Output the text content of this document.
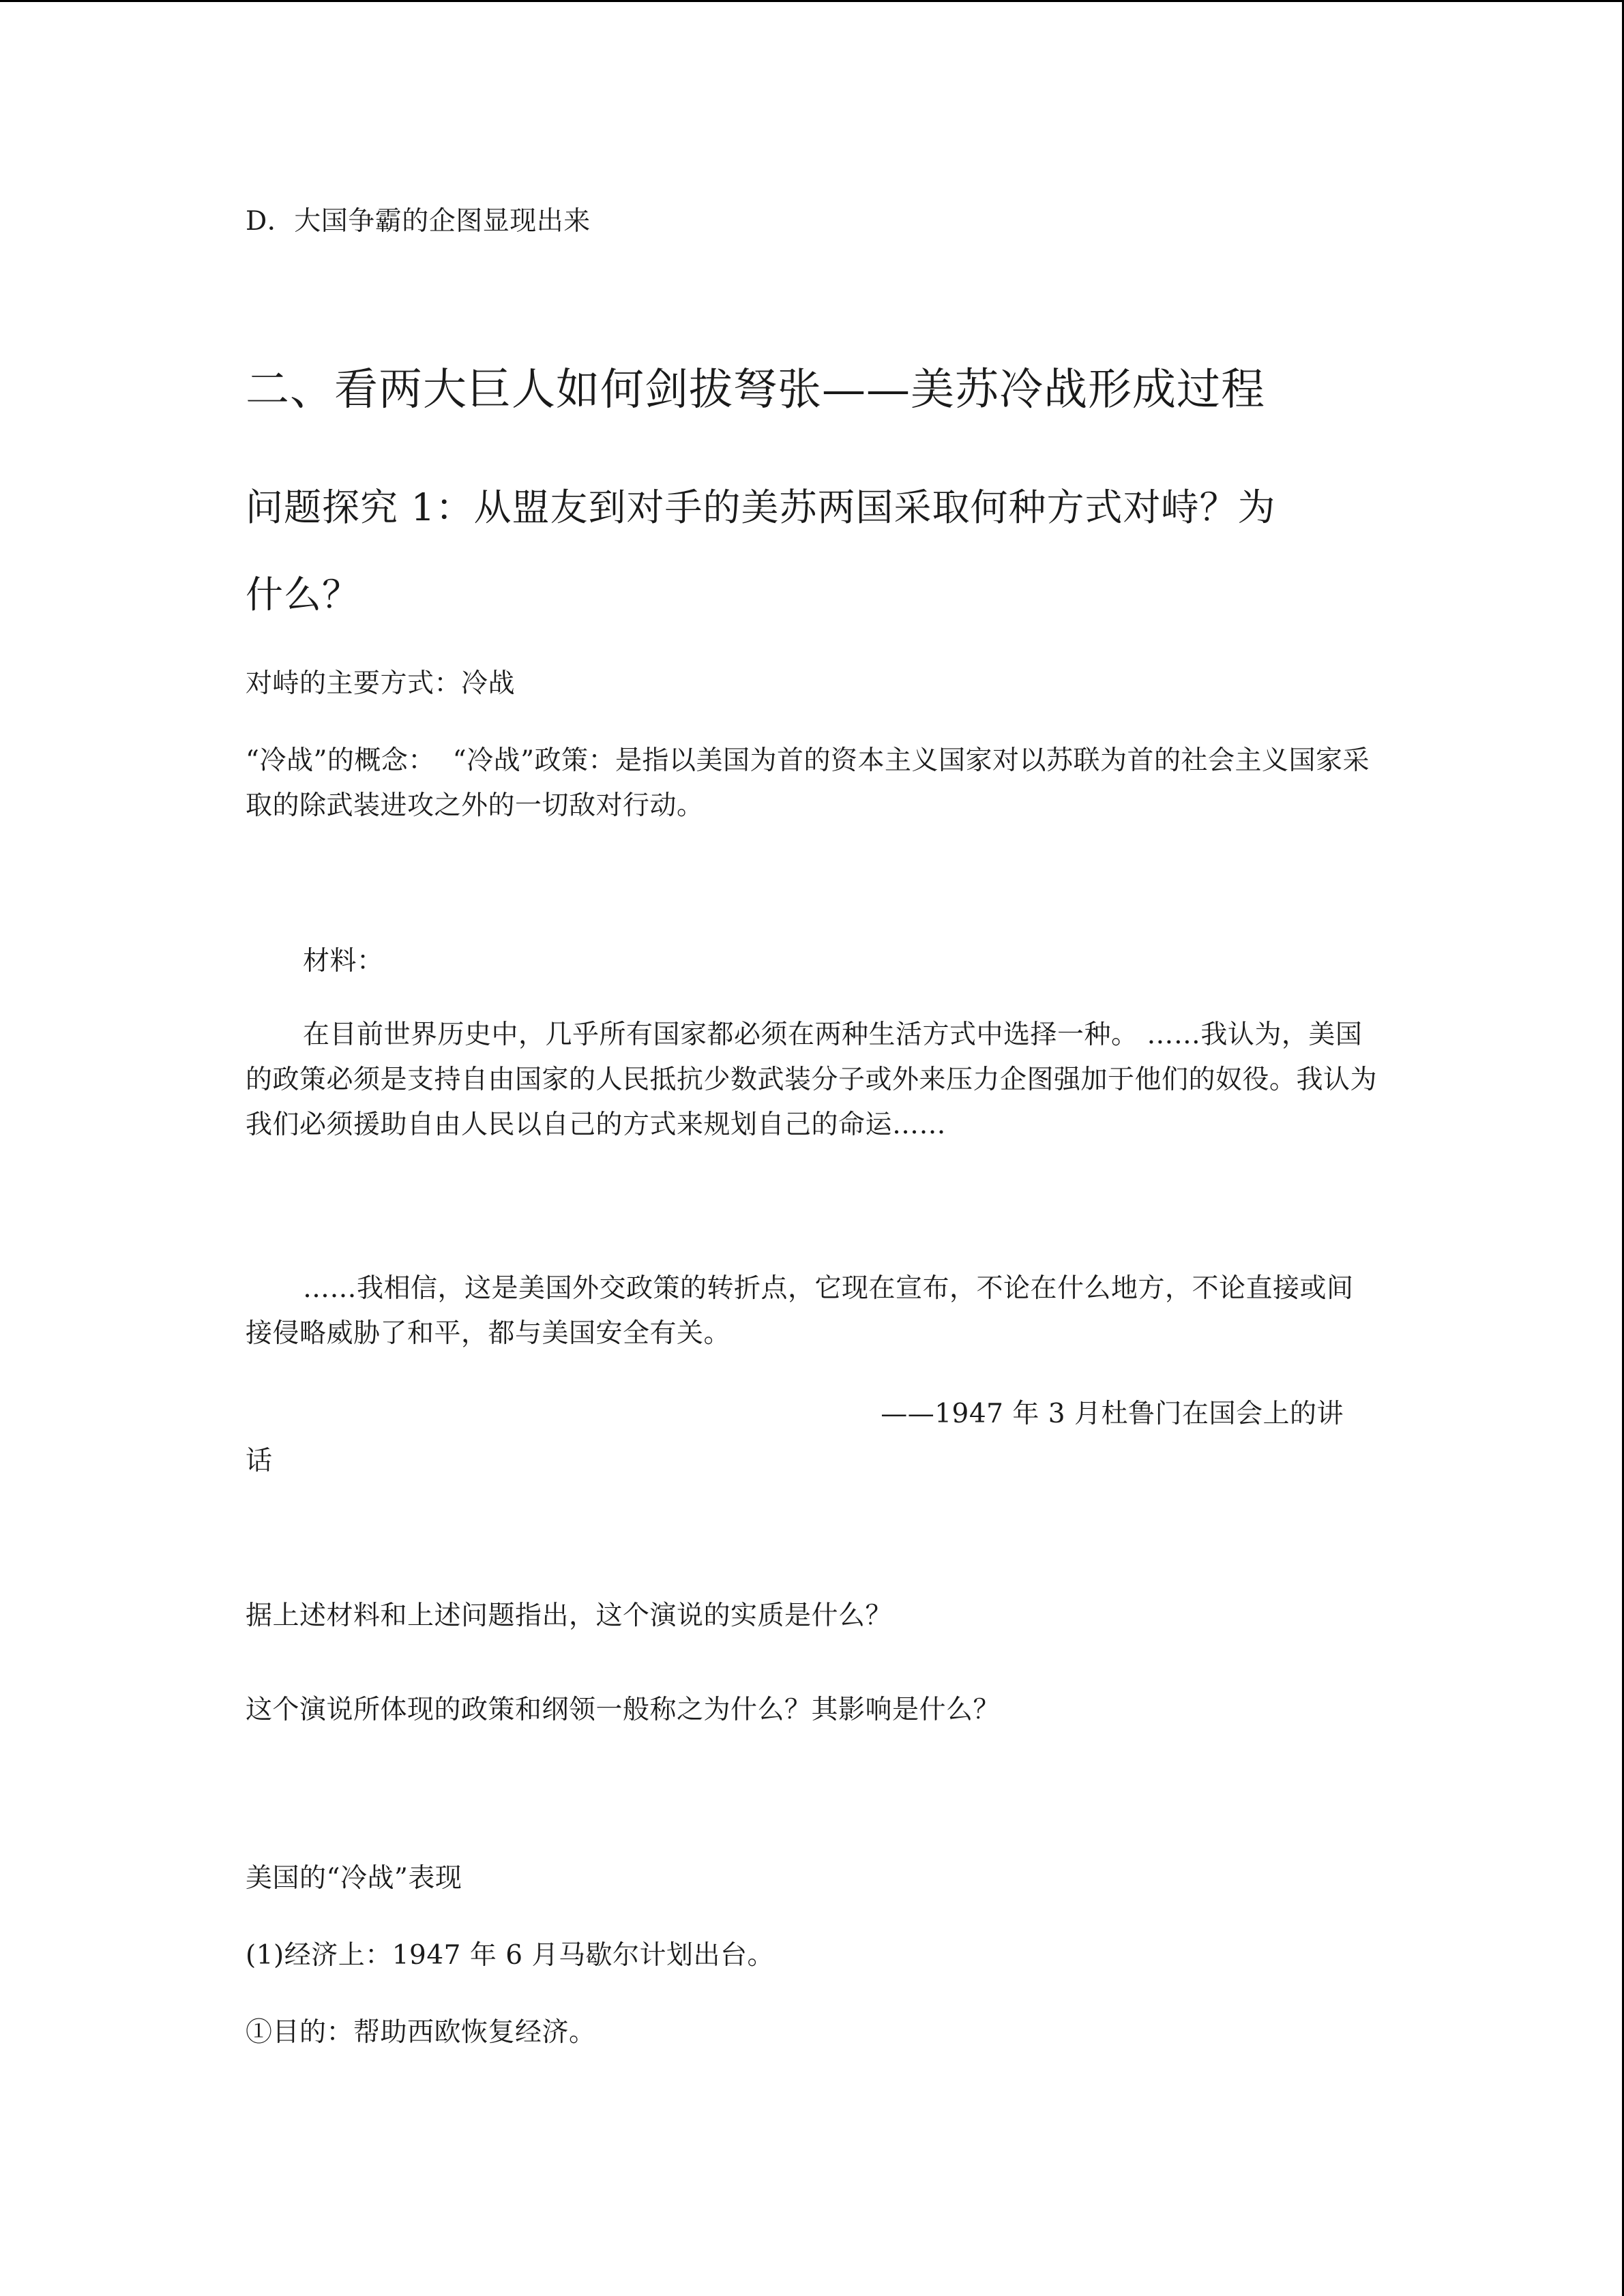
D．大国争霸的企图显现出来

二、看两大巨人如何剑拔弩张——美苏冷战形成过程
问题探究 1：从盟友到对手的美苏两国采取何种方式对峙？为什么？

对峙的主要方式：冷战

“冷战”的概念：  “冷战”政策：是指以美国为首的资本主义国家对以苏联为首的社会主义国家采取的除武装进攻之外的一切敌对行动。

材料：

在目前世界历史中，几乎所有国家都必须在两种生活方式中选择一种。 ……我认为，美国的政策必须是支持自由国家的人民抵抗少数武装分子或外来压力企图强加于他们的奴役。我认为我们必须援助自由人民以自己的方式来规划自己的命运……

……我相信，这是美国外交政策的转折点，它现在宣布，不论在什么地方，不论直接或间接侵略威胁了和平，都与美国安全有关。

——1947 年 3 月杜鲁门在国会上的讲

话

据上述材料和上述问题指出，这个演说的实质是什么？

这个演说所体现的政策和纲领一般称之为什么？其影响是什么？

美国的“冷战”表现

(1)经济上：1947 年 6 月马歇尔计划出台。

①目的：帮助西欧恢复经济。
